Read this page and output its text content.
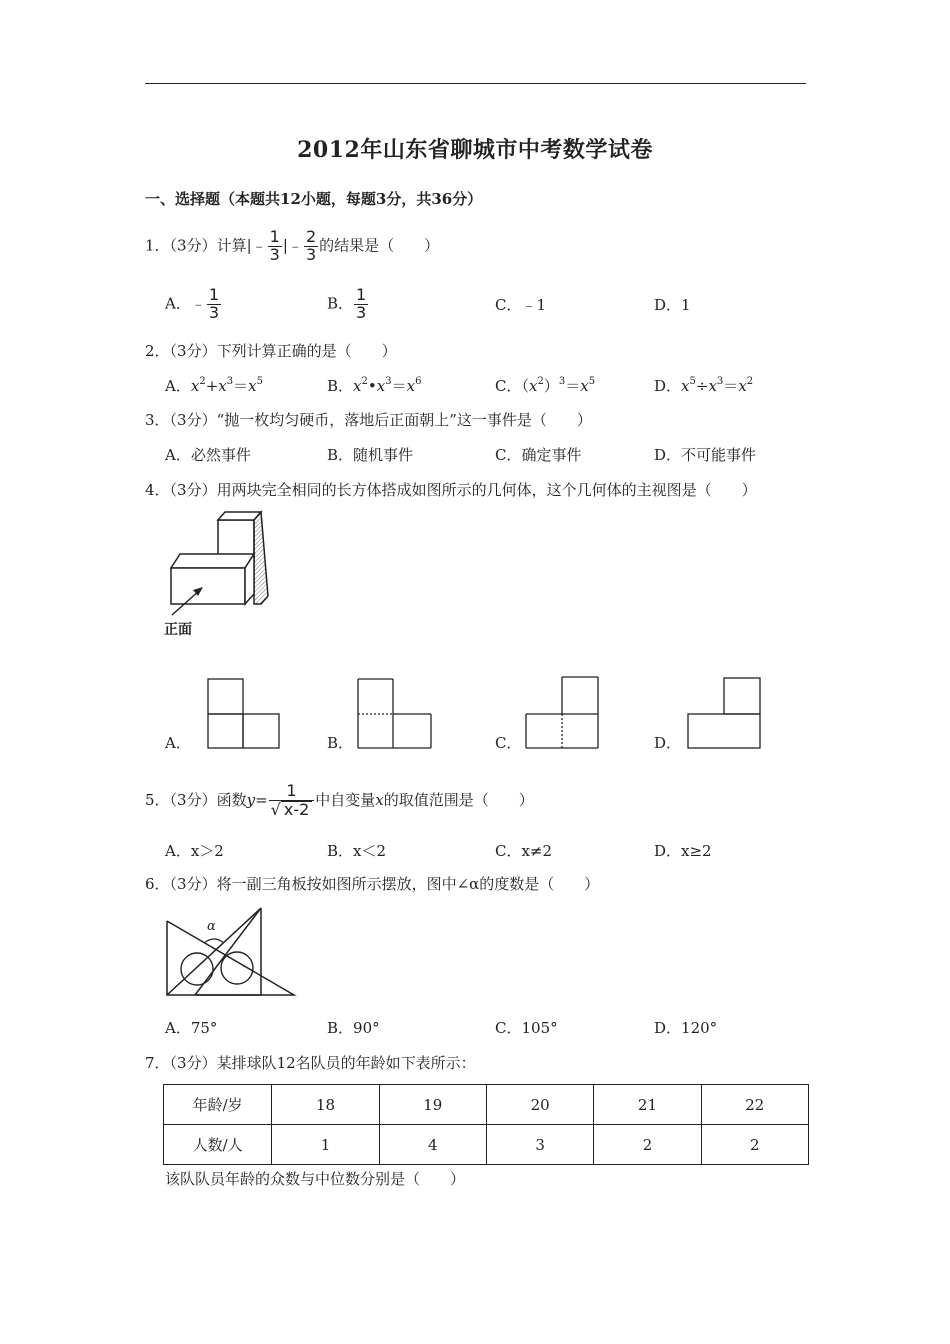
2012年山东省聊城市中考数学试卷
一、选择题（本题共12小题，每题3分，共36分）
1．（3分）计算|﹣ $\frac{1}{3}$ |﹣ $\frac{2}{3}$ 的结果是（　　）
A．﹣ $\frac{1}{3}$	B． $\frac{1}{3}$	C．﹣1	D．1
2．（3分）下列计算正确的是（　　）
A．$x^2+x^3=x^5$	B．$x^2•x^3=x^6$	C．$(x^2)^3=x^5$	D．$x^5\div x^3=x^2$
3．（3分）“抛一枚均匀硬币，落地后正面朝上”这一事件是（　　）
A．必然事件	B．随机事件	C．确定事件	D．不可能事件
4．（3分）用两块完全相同的长方体搭成如图所示的几何体，这个几何体的主视图是（　　）
正面
A．	B．	C．	D．
5．（3分）函数$y= \frac{1}{√ x-2}$ 中自变量x的取值范围是（　　）
A．x＞2	B．x＜2	C．x≠2	D．x≥2
6．（3分）将一副三角板按如图所示摆放，图中∠α的度数是（　　）
α
A．75°	B．90°	C．105°	D．120°
7．（3分）某排球队12名队员的年龄如下表所示：
年龄/岁	18	19	20	21	22
人数/人	1	4	3	2	2
该队队员年龄的众数与中位数分别是（　　）
